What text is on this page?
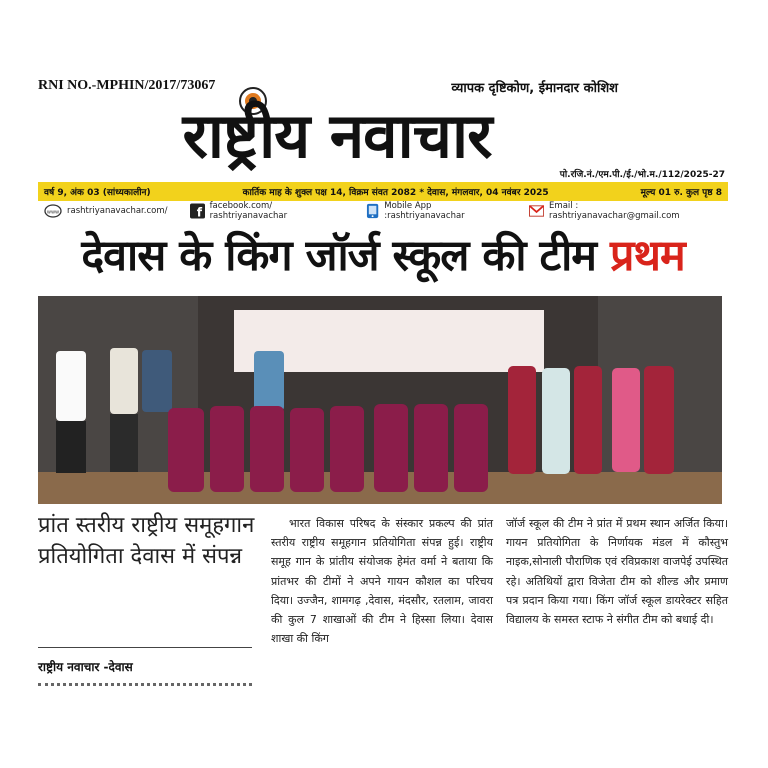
RNI NO.-MPHIN/2017/73067	व्यापक दृष्टिकोण, ईमानदार कोशिश
राष्ट्रीय नवाचार
पो.रजि.नं./एम.पी./ई./भो.म./112/2025-27
वर्ष 9, अंक 03 (सांध्यकालीन)	कार्तिक माह के शुक्ल पक्ष 14, विक्रम संवत 2082 * देवास, मंगलवार, 04 नवंबर 2025	मूल्य 01 रु. कुल पृष्ठ 8
www rashtriyanavachar.com/ f facebook.com/ rashtriyanavachar
Mobile App :rashtriyanavachar
Email : rashtriyanavachar@gmail.com
देवास के किंग जॉर्ज स्कूल की टीम प्रथम
प्रांत स्तरीय राष्ट्रीय समूहगान प्रतियोगिता देवास में संपन्न
राष्ट्रीय नवाचार -देवास
भारत विकास परिषद के संस्कार प्रकल्प की प्रांत स्तरीय राष्ट्रीय समूहगान प्रतियोगिता संपन्न हुई। राष्ट्रीय समूह गान के प्रांतीय संयोजक हेमंत वर्मा ने बताया कि प्रांतभर की टीमों ने अपने गायन कौशल का परिचय दिया। उज्जैन, शामगढ़ ,देवास, मंदसौर, रतलाम, जावरा की कुल 7 शाखाओं की टीम ने हिस्सा लिया। देवास शाखा की किंग
जॉर्ज स्कूल की टीम ने प्रांत में प्रथम स्थान अर्जित किया। गायन प्रतियोगिता के निर्णायक मंडल में कौस्तुभ नाइक,सोनाली पौराणिक एवं रविप्रकाश वाजपेई उपस्थित रहे। अतिथियों द्वारा विजेता टीम को शील्ड और प्रमाण पत्र प्रदान किया गया। किंग जॉर्ज स्कूल डायरेक्टर सहित विद्यालय के समस्त स्टाफ ने संगीत टीम को बधाई दी।
